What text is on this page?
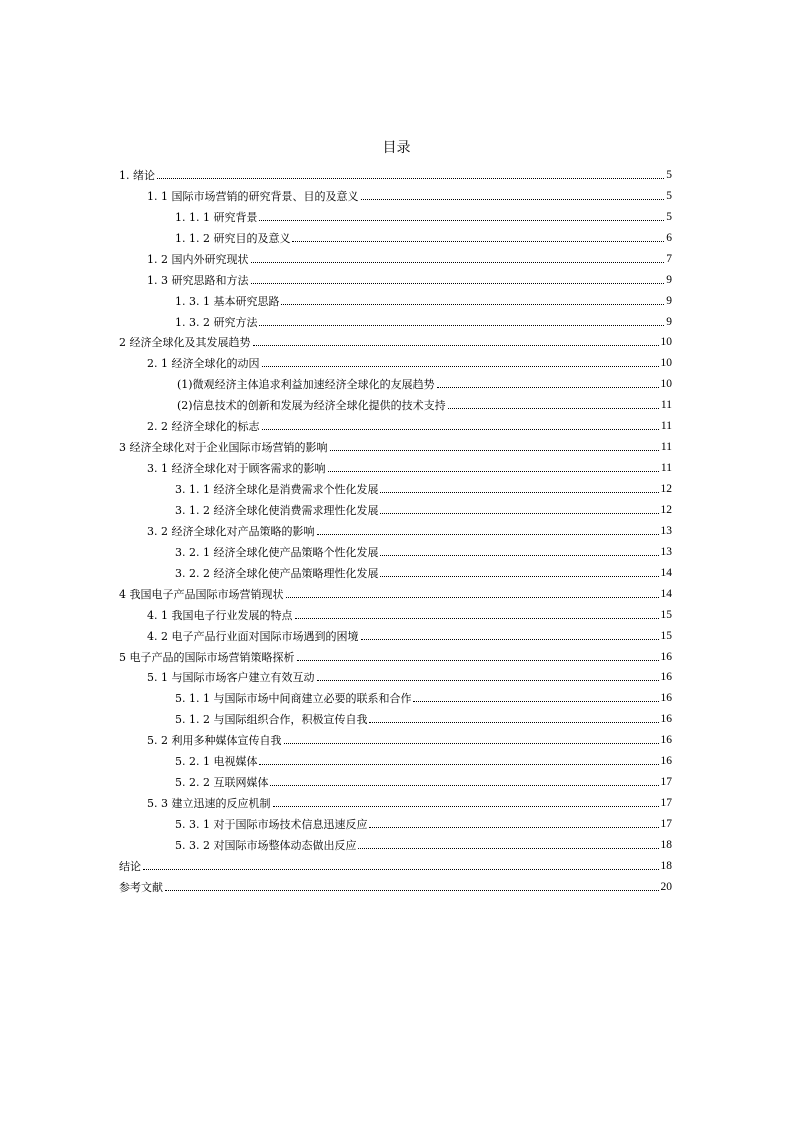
目录
1. 绪论	5
1. 1 国际市场营销的研究背景、目的及意义	5
1. 1. 1 研究背景	5
1. 1. 2 研究目的及意义	6
1. 2 国内外研究现状	7
1. 3 研究思路和方法	9
1. 3. 1 基本研究思路	9
1. 3. 2 研究方法	9
2 经济全球化及其发展趋势	10
2. 1 经济全球化的动因	10
(1)微观经济主体追求利益加速经济全球化的友展趋势	10
(2)信息技术的创新和发展为经济全球化提供的技术支持	11
2. 2 经济全球化的标志	11
3 经济全球化对于企业国际市场营销的影响	11
3. 1 经济全球化对于顾客需求的影响	11
3. 1. 1 经济全球化是消费需求个性化发展	12
3. 1. 2 经济全球化使消费需求理性化发展	12
3. 2 经济全球化对产品策略的影响	13
3. 2. 1 经济全球化使产品策略个性化发展	13
3. 2. 2 经济全球化使产品策略理性化发展	14
4 我国电子产品国际市场营销现状	14
4. 1 我国电子行业发展的特点	15
4. 2 电子产品行业面对国际市场遇到的困境	15
5 电子产品的国际市场营销策略探析	16
5. 1 与国际市场客户建立有效互动	16
5. 1. 1 与国际市场中间商建立必要的联系和合作	16
5. 1. 2 与国际组织合作，积极宣传自我	16
5. 2 利用多种媒体宣传自我	16
5. 2. 1 电视媒体	16
5. 2. 2 互联网媒体	17
5. 3 建立迅速的反应机制	17
5. 3. 1 对于国际市场技术信息迅速反应	17
5. 3. 2 对国际市场整体动态做出反应	18
结论	18
参考文献	20
